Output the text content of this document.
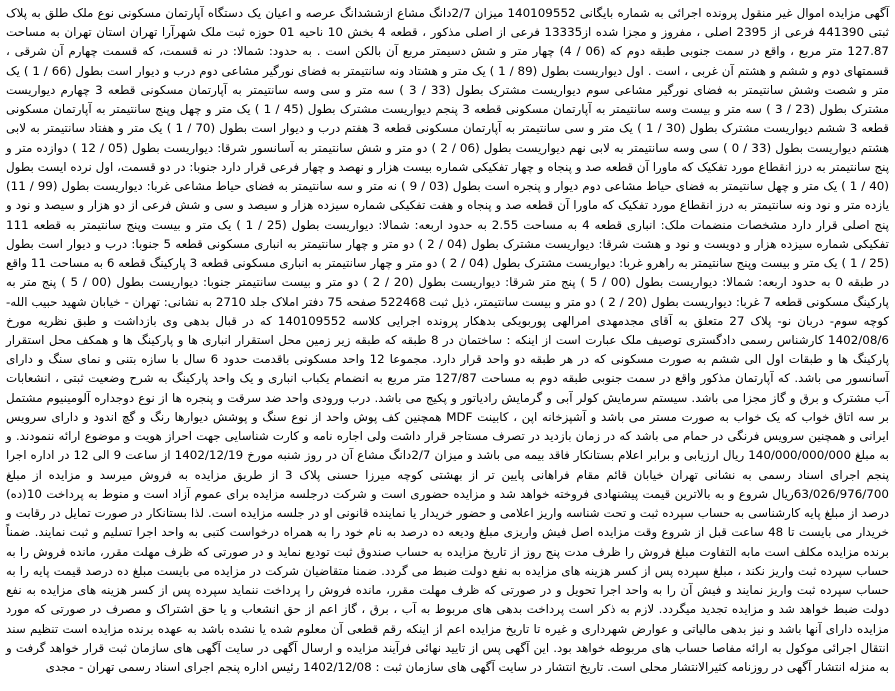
آگهی مزایده اموال غیر منقول پرونده اجرائی به شماره بایگانی 140109552 میزان 2/7دانگ مشاع ازششدانگ عرصه و اعیان یک دستگاه آپارتمان مسکونی نوع ملک طلق به پلاک ثبتی 441390 فرعی از 2395 اصلی ، مفروز و مجزا شده از13335 فرعی از اصلی مذکور ، قطعه 4 بخش 10 ناحیه 01 حوزه ثبت ملک شهرآرا تهران استان تهران به مساحت 127.87 متر مربع ، واقع در سمت جنوبی طبقه دوم که (06 / 4) چهار متر و شش دسیمتر مربع آن بالکن است . به حدود: شمالا: در نه قسمت، که قسمت چهارم آن شرقی ، قسمتهای دوم و ششم و هشتم آن غربی ، است . اول دیواریست بطول (89 / 1 ) یک متر و هشتاد ونه سانتیمتر به فضای نورگیر مشاعی دوم درب و دیوار است بطول (66 / 1 ) یک متر و شصت وشش سانتیمتر به فضای نورگیر مشاعی سوم دیواریست مشترک بطول (33 / 3 ) سه متر و سی وسه سانتیمتر به آپارتمان مسکونی قطعه 3 چهارم دیواریست مشترک بطول (23 / 3 ) سه متر و بیست وسه سانتیمتر به آپارتمان مسکونی قطعه 3 پنجم دیواریست مشترک بطول (45 / 1 ) یک متر و چهل وپنج سانتیمتر به آپارتمان مسکونی قطعه 3 ششم دیواریست مشترک بطول (30 / 1 ) یک متر و سی سانتیمتر به آپارتمان مسکونی قطعه 3 هفتم درب و دیوار است بطول (70 / 1 ) یک متر و هفتاد سانتیمتر به لابی هشتم دیواریست بطول (33 / 0 ) سی وسه سانتیمتر به لابی نهم دیواریست بطول (06 / 2 ) دو متر و شش سانتیمتر به آسانسور شرقا: دیواریست بطول (05 / 12 ) دوازده متر و پنج سانتیمتر به درز انقطاع مورد تفکیک که ماورا آن قطعه صد و پنجاه و چهار تفکیکی شماره بیست هزار و نهصد و چهار فرعی قرار دارد جنوبا: در دو قسمت، اول نرده ایست بطول (40 / 1 ) یک متر و چهل سانتیمتر به فضای حیاط مشاعی دوم دیوار و پنجره است بطول (03 / 9 ) نه متر و سه سانتیمتر به فضای حیاط مشاعی غربا: دیواریست بطول (99 / 11) یازده متر و نود ونه سانتیمتر به درز انقطاع مورد تفکیک که ماورا آن قطعه صد و پنجاه و هفت تفکیکی شماره سیزده هزار و سیصد و سی و شش فرعی از دو هزار و سیصد و نود و پنج اصلی قرار دارد مشخصات منضمات ملک: انباری قطعه 4 به مساحت 2.55 به حدود اربعه: شمالا: دیواریست بطول (25 / 1 ) یک متر و بیست وپنج سانتیمتر به قطعه 111 تفکیکی شماره سیزده هزار و دویست و نود و هشت شرقا: دیواریست مشترک بطول (04 / 2 ) دو متر و چهار سانتیمتر به انباری مسکونی قطعه 5 جنوبا: درب و دیوار است بطول (25 / 1 ) یک متر و بیست وپنج سانتیمتر به راهرو غربا: دیواریست مشترک بطول (04 / 2 ) دو متر و چهار سانتیمتر به انباری مسکونی قطعه 3 پارکینگ قطعه 6 به مساحت 11 واقع در طبقه 0 به حدود اربعه: شمالا: دیواریست بطول (00 / 5 ) پنج متر شرقا: دیواریست بطول (20 / 2 ) دو متر و بیست سانتیمتر جنوبا: دیواریست بطول (00 / 5 ) پنج متر به پارکینگ مسکونی قطعه 7 غربا: دیواریست بطول (20 / 2 ) دو متر و بیست سانتیمتر، ذیل ثبت 522468 صفحه 75 دفتر املاک جلد 2710 به نشانی: تهران - خیابان شهید حبیب الله- کوچه سوم- دربان نو- پلاک 27 متعلق به آقای مجدمهدی امرالهی پوربویکی بدهکار پرونده اجرایی کلاسه 140109552 که در قبال بدهی وی بازداشت و طبق نظریه مورخ 1402/08/6 کارشناس رسمی دادگستری توصیف ملک عبارت است از اینکه : ساختمان در 8 طبقه که طبقه زیر زمین محل استقرار انباری ها و پارکینگ ها و همکف محل استقرار پارکینگ ها و طبقات اول الی ششم به صورت مسکونی که در هر طبقه دو واحد قرار دارد. مجموعا 12 واحد مسکونی باقدمت حدود 6 سال با سازه بتنی و نمای سنگ و دارای آسانسور می باشد. که آپارتمان مذکور واقع در سمت جنوبی طبقه دوم به مساحت 127/87 متر مربع به انضمام یکباب انباری و یک واحد پارکینگ به شرح وضعیت ثبتی ، انشعابات آب مشترک و برق و گاز مجزا می باشد. سیستم سرمایش کولر آبی و گرمایش رادیاتور و پکیج می باشد. درب ورودی واحد ضد سرقت و پنجره ها از نوع دوجداره آلومینیوم مشتمل بر سه اتاق خواب که یک خواب به صورت مستر می باشد و آشپزخانه اپن ، کابینت MDF همچنین کف پوش واحد از نوع سنگ و پوشش دیوارها رنگ و گچ اندود و دارای سرویس ایرانی و همچنین سرویس فرنگی در حمام می باشد که در زمان بازدید در تصرف مستاجر قرار داشت ولی اجاره نامه و کارت شناسایی جهت احراز هویت و موضوع ارائه ننمودند. و به مبلغ 140/000/000/000 ریال ارزیابی و برابر اعلام بستانکار فاقد بیمه می باشد و میزان 2/7دانگ مشاع آن در روز شنبه مورخ 1402/12/19 از ساعت 9 الی 12 در اداره اجرا پنجم اجرای اسناد رسمی به نشانی تهران خیابان قائم مقام فراهانی پایین تر از بهشتی کوچه میرزا حسنی پلاک 3 از طریق مزایده به فروش میرسد و مزایده از مبلغ 63/026/976/700ریال شروع و به بالاترین قیمت پیشنهادی فروخته خواهد شد و مزایده حضوری است و شرکت درجلسه مزایده برای عموم آزاد است و منوط به پرداخت 10(ده) درصد از مبلغ پایه کارشناسی به حساب سپرده ثبت و تحت شناسه واریز اعلامی و حضور خریدار یا نماینده قانونی او در جلسه مزایده است. لذا بستانکار در صورت تمایل در رقابت و خریدار می بایست تا 48 ساعت قبل از شروع وقت مزایده اصل فیش واریزی مبلغ ودیعه ده درصد به نام خود را به همراه درخواست کتبی به واحد اجرا تسلیم و ثبت نمایند. ضمناً برنده مزایده مکلف است مابه التفاوت مبلغ فروش را ظرف مدت پنج روز از تاریخ مزایده به حساب صندوق ثبت تودیع نماید و در صورتی که ظرف مهلت مقرر، مانده فروش را به حساب سپرده ثبت واریز نکند ، مبلغ سپرده پس از کسر هزینه های مزایده به نفع دولت ضبط می گردد. ضمنا متقاضیان شرکت در مزایده می بایست مبلغ ده درصد قیمت پایه را به حساب سپرده ثبت واریز نمایند و فیش آن را به واحد اجرا تحویل و در صورتی که ظرف مهلت مقرر، مانده فروش را پرداخت ننماید سپرده پس از کسر هزینه های مزایده به نفع دولت ضبط خواهد شد و مزایده تجدید میگردد. لازم به ذکر است پرداخت بدهی های مربوط به آب ، برق ، گاز اعم از حق انشعاب و یا حق اشتراک و مصرف در صورتی که مورد مزایده دارای آنها باشد و نیز بدهی مالیاتی و عوارض شهرداری و غیره تا تاریخ مزایده اعم از اینکه رقم قطعی آن معلوم شده یا نشده باشد به عهده برنده مزایده است تنظیم سند انتقال اجرائی موکول به ارائه مفاصا حساب های مربوطه خواهد بود. این آگهی پس از تایید نهائی فرآیند مزایده و ارسال آگهی در سایت آگهی های سازمان ثبت قرار خواهد گرفت و به منزله انتشار آگهی در روزنامه کثیرالانتشار محلی است. تاریخ انتشار در سایت آگهی های سازمان ثبت : 1402/12/08 رئیس اداره پنجم اجرای اسناد رسمی تهران - مجدی
